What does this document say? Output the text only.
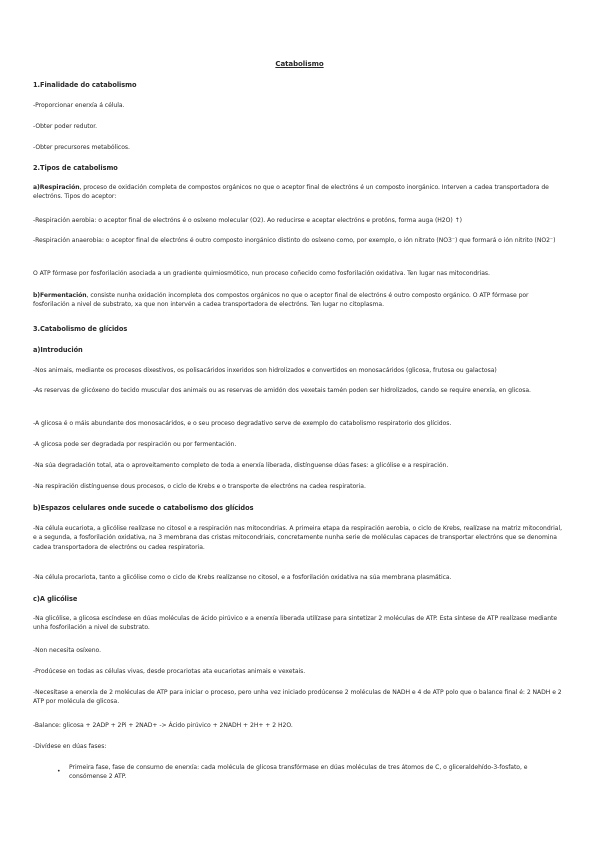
Catabolismo

1.Finalidade do catabolismo

-Proporcionar enerxía á célula.

-Obter poder redutor.

-Obter precursores metabólicos.

2.Tipos de catabolismo

a)Respiración, proceso de oxidación completa de compostos orgánicos no que o aceptor final de electróns é un composto inorgánico. Interven a cadea transportadora de electróns. Tipos do aceptor:

-Respiración aerobia: o aceptor final de electróns é o osíxeno molecular (O2). Ao reducirse e aceptar electróns e protóns, forma auga (H2O) ↑)

-Respiración anaerobia: o aceptor final de electróns é outro composto inorgánico distinto do osíxeno como, por exemplo, o ión nitrato (NO3⁻) que formará o ión nitrito (NO2⁻)

O ATP fórmase por fosforilación asociada a un gradiente quimiosmótico, nun proceso coñecido como fosforilación oxidativa. Ten lugar nas mitocondrias.

b)Fermentación, consiste nunha oxidación incompleta dos compostos orgánicos no que o aceptor final de electróns é outro composto orgánico. O ATP fórmase por fosforilación a nivel de substrato, xa que non intervén a cadea transportadora de electróns. Ten lugar no citoplasma.

3.Catabolismo de glícidos

a)Introdución

-Nos animais, mediante os procesos dixestivos, os polisacáridos inxeridos son hidrolizados e convertidos en monosacáridos (glicosa, frutosa ou galactosa)

-As reservas de glicóxeno do tecido muscular dos animais ou as reservas de amidón dos vexetais tamén poden ser hidrolizados, cando se require enerxía, en glicosa.

-A glicosa é o máis abundante dos monosacáridos, e o seu proceso degradativo serve de exemplo do catabolismo respiratorio dos glícidos.

-A glicosa pode ser degradada por respiración ou por fermentación.

-Na súa degradación total, ata o aproveitamento completo de toda a enerxía liberada, distínguense dúas fases: a glicólise e a respiración.

-Na respiración distínguense dous procesos, o ciclo de Krebs e o transporte de electróns na cadea respiratoria.

b)Espazos celulares onde sucede o catabolismo dos glícidos

-Na célula eucariota, a glicólise realízase no citosol e a respiración nas mitocondrias. A primeira etapa da respiración aerobia, o ciclo de Krebs, realízase na matriz mitocondrial, e a segunda, a fosforilación oxidativa, na 3 membrana das cristas mitocondriais, concretamente nunha serie de moléculas capaces de transportar electróns que se denomina cadea transportadora de electróns ou cadea respiratoria.

-Na célula procariota, tanto a glicólise como o ciclo de Krebs realízanse no citosol, e a fosforilación oxidativa na súa membrana plasmática.

c)A glicólise

-Na glicólise, a glicosa escíndese en dúas moléculas de ácido pirúvico e a enerxía liberada utilízase para sintetizar 2 moléculas de ATP. Esta síntese de ATP realízase mediante unha fosforilación a nivel de substrato.

-Non necesita osíxeno.

-Prodúcese en todas as células vivas, desde procariotas ata eucariotas animais e vexetais.

-Necesítase a enerxía de 2 moléculas de ATP para iniciar o proceso, pero unha vez iniciado prodúcense 2 moléculas de NADH e 4 de ATP polo que o balance final é: 2 NADH e 2 ATP por molécula de glicosa.

-Balance: glicosa + 2ADP + 2Pi + 2NAD+ -> Ácido pirúvico + 2NADH + 2H+ + 2 H2O.

-Divídese en dúas fases:

•

Primeira fase, fase de consumo de enerxía: cada molécula de glicosa transfórmase en dúas moléculas de tres átomos de C, o gliceraldehído-3-fosfato, e consómense 2 ATP.
